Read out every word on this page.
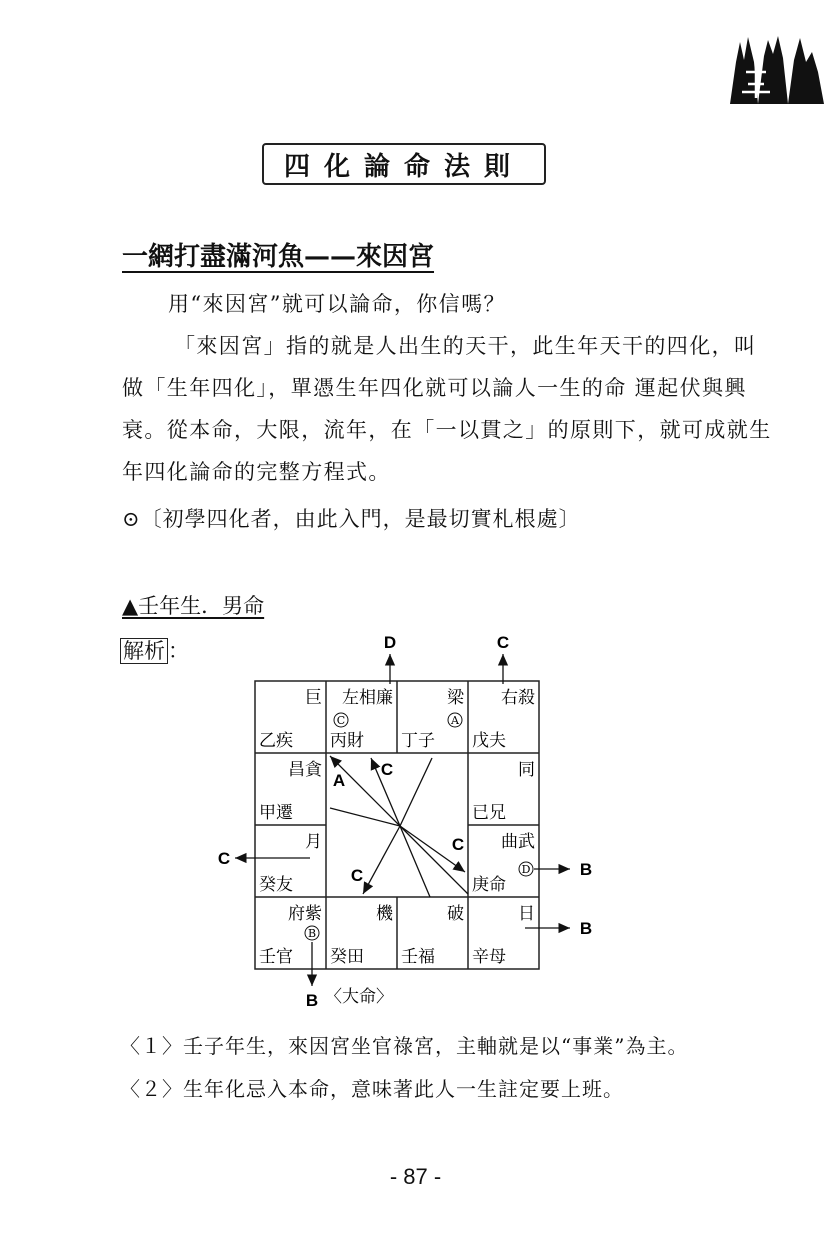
四化論命法則
一網打盡滿河魚——來因宮
用“來因宮”就可以論命，你信嗎？
「來因宮」指的就是人出生的天干，此生年天干的四化，叫做「生年四化」，單憑生年四化就可以論人一生的命 運起伏與興衰。從本命，大限，流年，在「一以貫之」的原則下，就可成就生年四化論命的完整方程式。
⊙〔初學四化者，由此入門，是最切實札根處〕
▲壬年生．男命
解析 ：
巨
乙疾
左相廉
丙財
梁
丁子
右殺
戊夫
昌貪
甲遷
同
已兄
月
癸友
曲武
庚命
府紫
壬官
機
癸田
破
壬福
日
辛母
C	A
D
B
D	C
C
B
B
B
A
C
C
C
〈大命〉
〈１〉壬子年生，來因宮坐官祿宮，主軸就是以“事業”為主。
〈２〉生年化忌入本命，意味著此人一生註定要上班。
- 87 -
